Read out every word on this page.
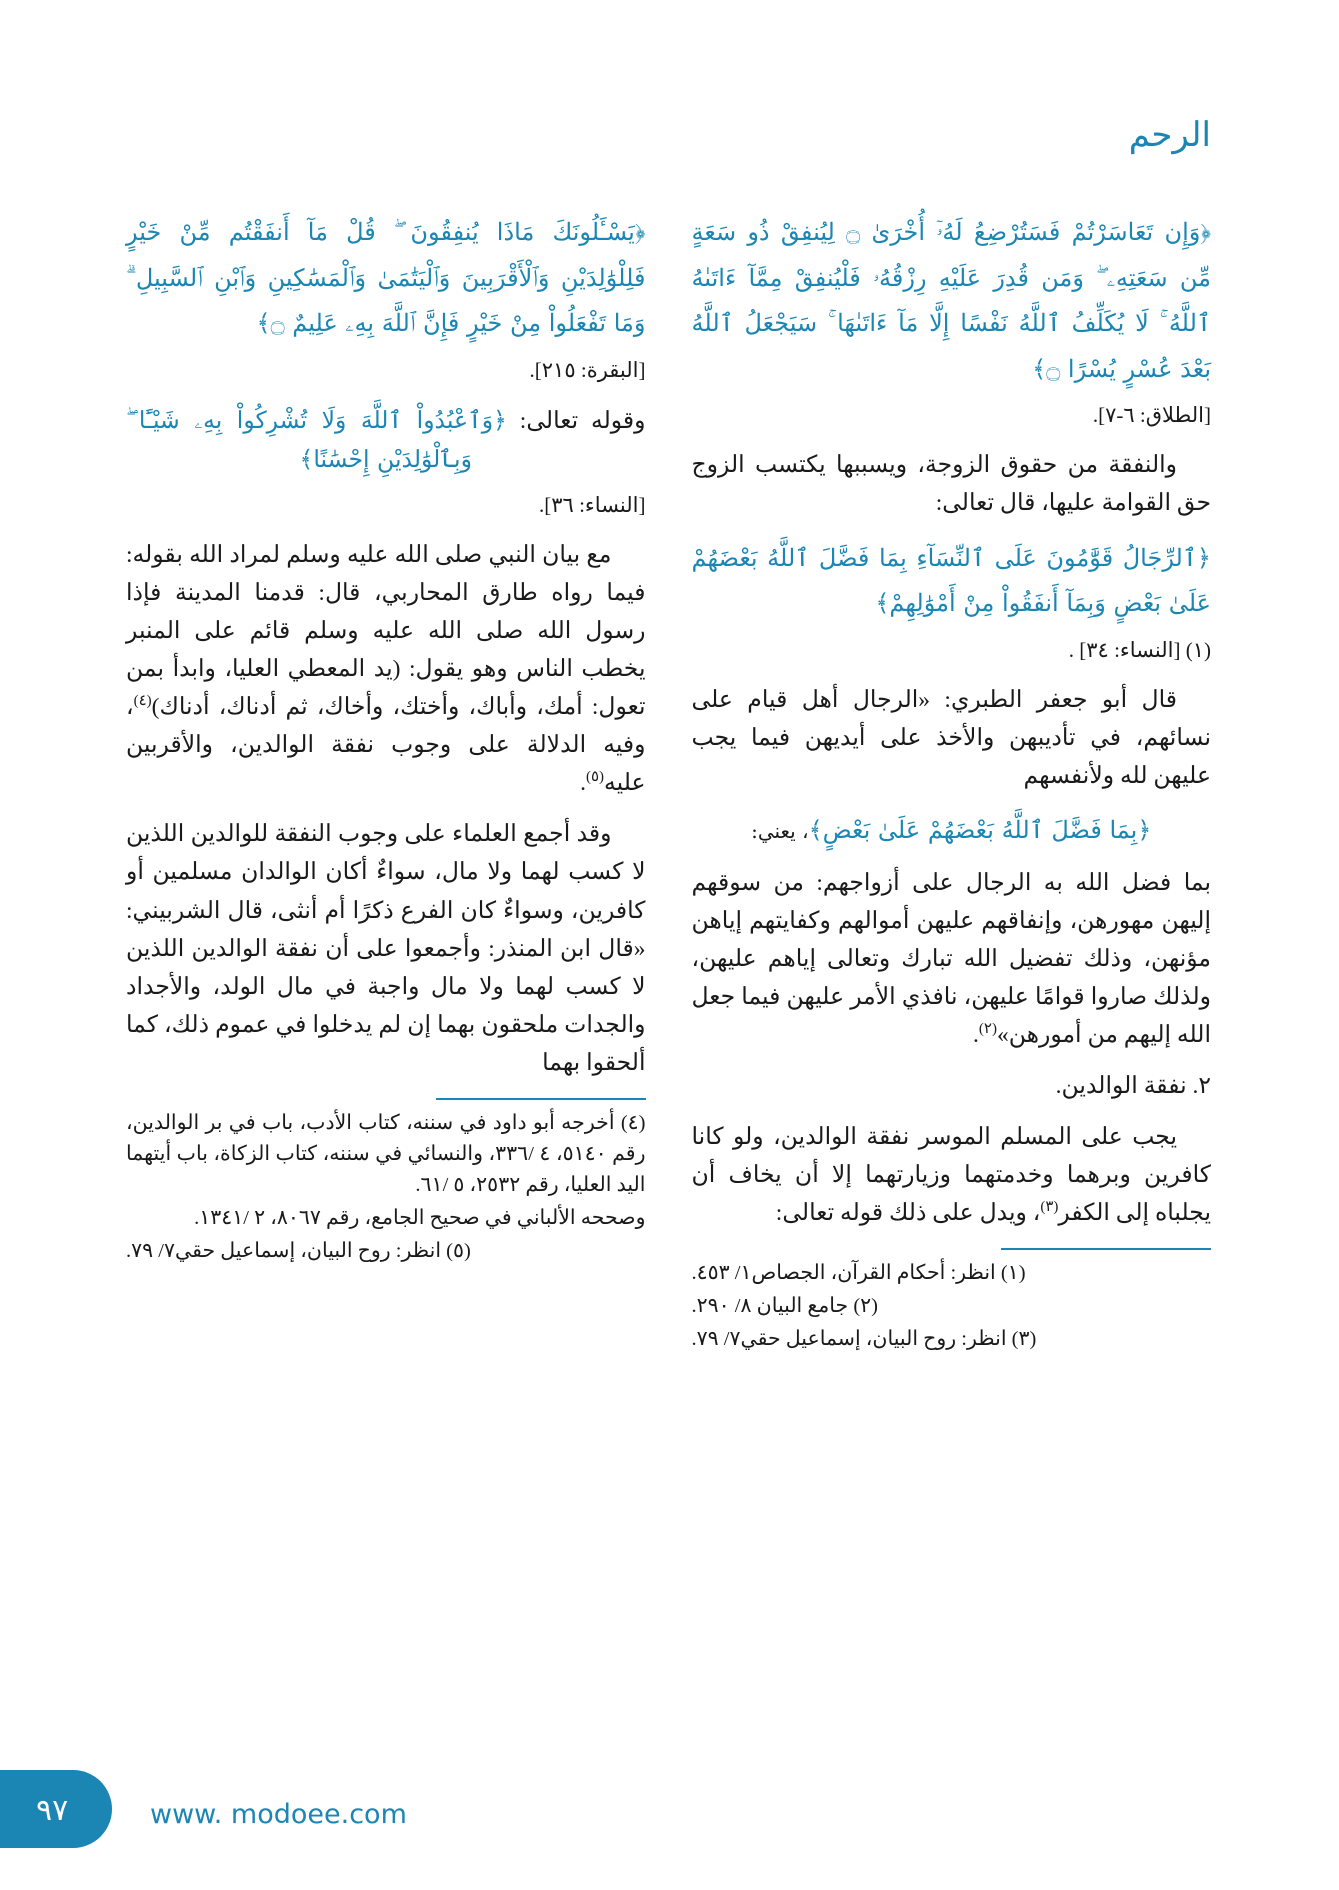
الرحم

﴿وَإِن تَعَاسَرْتُمْ فَسَتُرْضِعُ لَهُۥٓ أُخْرَىٰ ۝ لِيُنفِقْ ذُو سَعَةٍ مِّن سَعَتِهِۦ ۖ وَمَن قُدِرَ عَلَيْهِ رِزْقُهُۥ فَلْيُنفِقْ مِمَّآ ءَاتَىٰهُ ٱللَّهُ ۚ لَا يُكَلِّفُ ٱللَّهُ نَفْسًا إِلَّا مَآ ءَاتَىٰهَا ۚ سَيَجْعَلُ ٱللَّهُ بَعْدَ عُسْرٍ يُسْرًا ۝﴾

[الطلاق: ٦-٧].

والنفقة من حقوق الزوجة، ويسببها يكتسب الزوج حق القوامة عليها، قال تعالى:

﴿ٱلرِّجَالُ قَوَّٰمُونَ عَلَى ٱلنِّسَآءِ بِمَا فَضَّلَ ٱللَّهُ بَعْضَهُمْ عَلَىٰ بَعْضٍ وَبِمَآ أَنفَقُواْ مِنْ أَمْوَٰلِهِمْ﴾

(١) [النساء: ٣٤] .

قال أبو جعفر الطبري: «الرجال أهل قيام على نسائهم، في تأديبهن والأخذ على أيديهن فيما يجب عليهن لله ولأنفسهم

﴿بِمَا فَضَّلَ ٱللَّهُ بَعْضَهُمْ عَلَىٰ بَعْضٍ﴾، يعني:

بما فضل الله به الرجال على أزواجهم: من سوقهم إليهن مهورهن، وإنفاقهم عليهن أموالهم وكفايتهم إياهن مؤنهن، وذلك تفضيل الله تبارك وتعالى إياهم عليهن، ولذلك صاروا قوامًا عليهن، نافذي الأمر عليهن فيما جعل الله إليهم من أمورهن»$^{(٢)}$.

٢. نفقة الوالدين.

يجب على المسلم الموسر نفقة الوالدين، ولو كانا كافرين وبرهما وخدمتهما وزيارتهما إلا أن يخاف أن يجلباه إلى الكفر$^{(٣)}$، ويدل على ذلك قوله تعالى:

(١) انظر: أحكام القرآن، الجصاص١/ ٤٥٣.

(٢) جامع البيان ٨/ ٢٩٠.

(٣) انظر: روح البيان، إسماعيل حقي٧/ ٧٩.

﴿يَسْـَٔلُونَكَ مَاذَا يُنفِقُونَ ۖ قُلْ مَآ أَنفَقْتُم مِّنْ خَيْرٍ فَلِلْوَٰلِدَيْنِ وَٱلْأَقْرَبِينَ وَٱلْيَتَٰمَىٰ وَٱلْمَسَٰكِينِ وَٱبْنِ ٱلسَّبِيلِ ۗ وَمَا تَفْعَلُواْ مِنْ خَيْرٍ فَإِنَّ ٱللَّهَ بِهِۦ عَلِيمٌ ۝﴾

[البقرة: ٢١٥].

وقوله تعالى: ﴿وَٱعْبُدُواْ ٱللَّهَ وَلَا تُشْرِكُواْ بِهِۦ شَيْـًٔا ۖ وَبِٱلْوَٰلِدَيْنِ إِحْسَٰنًا﴾

[النساء: ٣٦].

مع بيان النبي صلى الله عليه وسلم لمراد الله بقوله: فيما رواه طارق المحاربي، قال: قدمنا المدينة فإذا رسول الله صلى الله عليه وسلم قائم على المنبر يخطب الناس وهو يقول: (يد المعطي العليا، وابدأ بمن تعول: أمك، وأباك، وأختك، وأخاك، ثم أدناك، أدناك)$^{(٤)}$، وفيه الدلالة على وجوب نفقة الوالدين، والأقربين عليه$^{(٥)}$.

وقد أجمع العلماء على وجوب النفقة للوالدين اللذين لا كسب لهما ولا مال، سواءٌ أكان الوالدان مسلمين أو كافرين، وسواءٌ كان الفرع ذكرًا أم أنثى، قال الشربيني: «قال ابن المنذر: وأجمعوا على أن نفقة الوالدين اللذين لا كسب لهما ولا مال واجبة في مال الولد، والأجداد والجدات ملحقون بهما إن لم يدخلوا في عموم ذلك، كما ألحقوا بهما

(٤) أخرجه أبو داود في سننه، كتاب الأدب، باب في بر الوالدين، رقم ٥١٤٠، ٤ /٣٣٦، والنسائي في سننه، كتاب الزكاة، باب أيتهما اليد العليا، رقم ٢٥٣٢، ٥ /٦١.

وصححه الألباني في صحيح الجامع، رقم ٨٠٦٧، ٢ /١٣٤١.

(٥) انظر: روح البيان، إسماعيل حقي٧/ ٧٩.

٩٧	www. modoee.com
